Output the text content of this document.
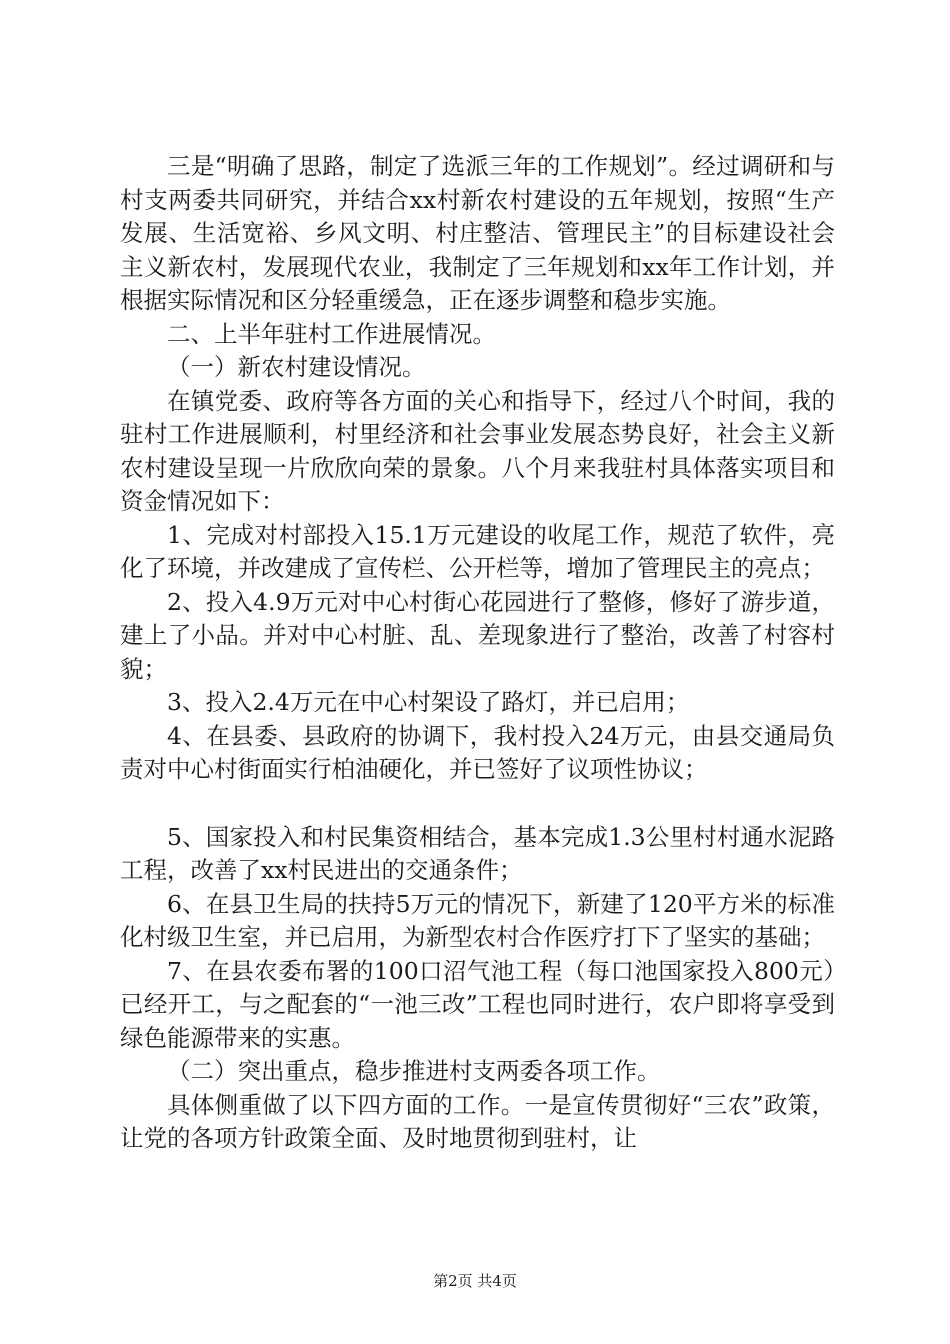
三是“明确了思路，制定了选派三年的工作规划”。经过调研和与村支两委共同研究，并结合xx村新农村建设的五年规划，按照“生产发展、生活宽裕、乡风文明、村庄整洁、管理民主”的目标建设社会主义新农村，发展现代农业，我制定了三年规划和xx年工作计划，并根据实际情况和区分轻重缓急，正在逐步调整和稳步实施。

二、上半年驻村工作进展情况。

（一）新农村建设情况。

在镇党委、政府等各方面的关心和指导下，经过八个时间，我的驻村工作进展顺利，村里经济和社会事业发展态势良好，社会主义新农村建设呈现一片欣欣向荣的景象。八个月来我驻村具体落实项目和资金情况如下：

1、完成对村部投入15.1万元建设的收尾工作，规范了软件，亮化了环境，并改建成了宣传栏、公开栏等，增加了管理民主的亮点；

2、投入4.9万元对中心村街心花园进行了整修，修好了游步道，建上了小品。并对中心村脏、乱、差现象进行了整治，改善了村容村貌；

3、投入2.4万元在中心村架设了路灯，并已启用；

4、在县委、县政府的协调下，我村投入24万元，由县交通局负责对中心村街面实行柏油硬化，并已签好了议项性协议；

5、国家投入和村民集资相结合，基本完成1.3公里村村通水泥路工程，改善了xx村民进出的交通条件；

6、在县卫生局的扶持5万元的情况下，新建了120平方米的标准化村级卫生室，并已启用，为新型农村合作医疗打下了坚实的基础；

7、在县农委布署的100口沼气池工程（每口池国家投入800元）已经开工，与之配套的“一池三改”工程也同时进行，农户即将享受到绿色能源带来的实惠。

（二）突出重点，稳步推进村支两委各项工作。

具体侧重做了以下四方面的工作。一是宣传贯彻好“三农”政策，让党的各项方针政策全面、及时地贯彻到驻村，让

第2页 共4页
